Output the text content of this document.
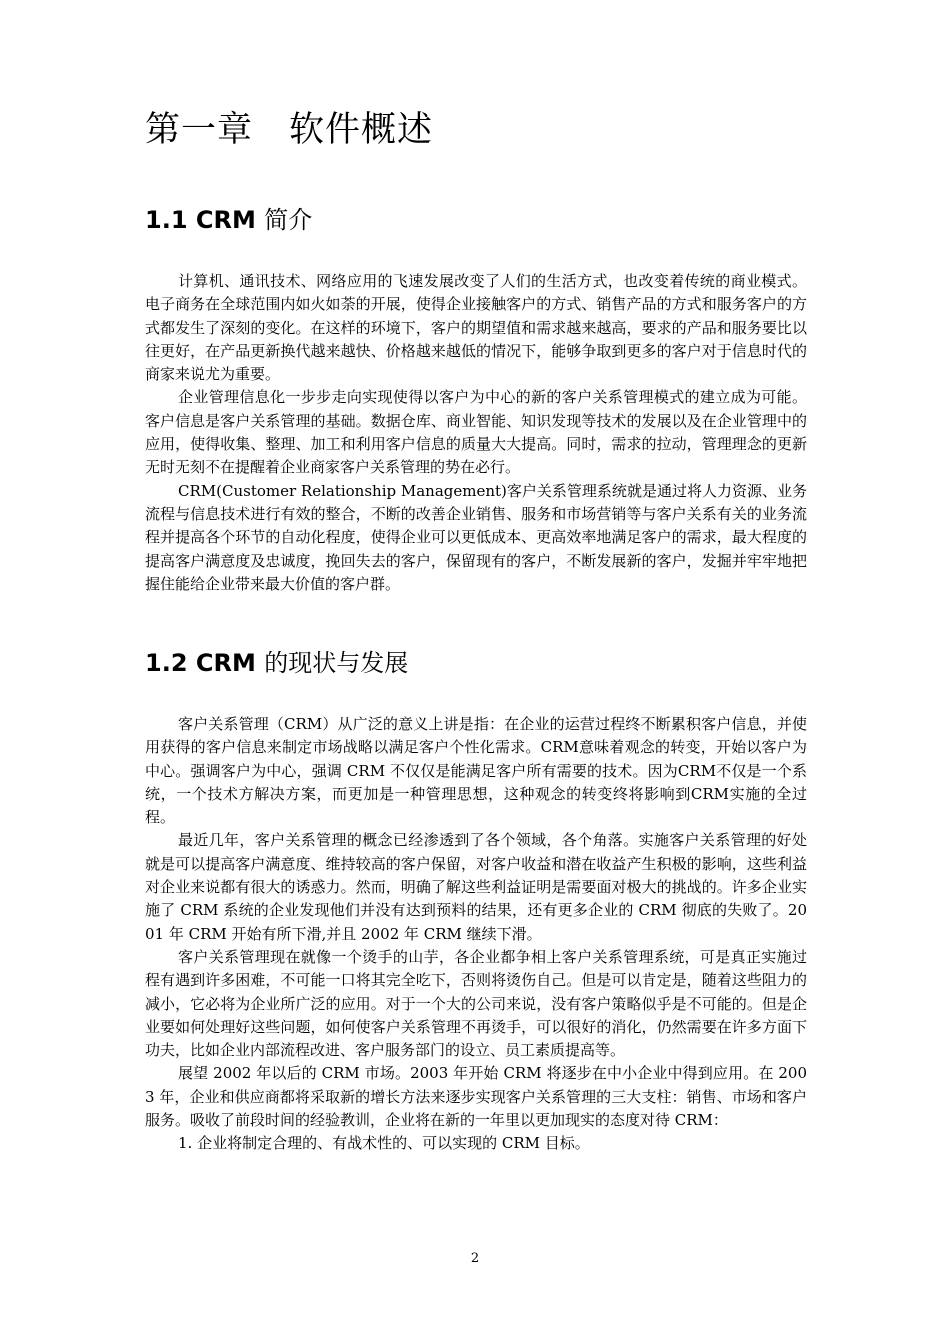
第一章 软件概述
1.1 CRM 简介

计算机、通讯技术、网络应用的飞速发展改变了人们的生活方式，也改变着传统的商业模式。电子商务在全球范围内如火如荼的开展，使得企业接触客户的方式、销售产品的方式和服务客户的方式都发生了深刻的变化。在这样的环境下，客户的期望值和需求越来越高，要求的产品和服务要比以往更好，在产品更新换代越来越快、价格越来越低的情况下，能够争取到更多的客户对于信息时代的商家来说尤为重要。

企业管理信息化一步步走向实现使得以客户为中心的新的客户关系管理模式的建立成为可能。客户信息是客户关系管理的基础。数据仓库、商业智能、知识发现等技术的发展以及在企业管理中的应用，使得收集、整理、加工和利用客户信息的质量大大提高。同时，需求的拉动，管理理念的更新无时无刻不在提醒着企业商家客户关系管理的势在必行。

CRM(Customer Relationship Management)客户关系管理系统就是通过将人力资源、业务流程与信息技术进行有效的整合，不断的改善企业销售、服务和市场营销等与客户关系有关的业务流程并提高各个环节的自动化程度，使得企业可以更低成本、更高效率地满足客户的需求，最大程度的提高客户满意度及忠诚度，挽回失去的客户，保留现有的客户，不断发展新的客户，发掘并牢牢地把握住能给企业带来最大价值的客户群。

1.2 CRM 的现状与发展

客户关系管理（CRM）从广泛的意义上讲是指：在企业的运营过程终不断累积客户信息，并使用获得的客户信息来制定市场战略以满足客户个性化需求。CRM意味着观念的转变，开始以客户为中心。强调客户为中心，强调 CRM 不仅仅是能满足客户所有需要的技术。因为CRM不仅是一个系统，一个技术方解决方案，而更加是一种管理思想，这种观念的转变终将影响到CRM实施的全过程。

最近几年，客户关系管理的概念已经渗透到了各个领域，各个角落。实施客户关系管理的好处就是可以提高客户满意度、维持较高的客户保留，对客户收益和潜在收益产生积极的影响，这些利益对企业来说都有很大的诱惑力。然而，明确了解这些利益证明是需要面对极大的挑战的。许多企业实施了 CRM 系统的企业发现他们并没有达到预料的结果，还有更多企业的 CRM 彻底的失败了。2001 年 CRM 开始有所下滑,并且 2002 年 CRM 继续下滑。

客户关系管理现在就像一个烫手的山芋，各企业都争相上客户关系管理系统，可是真正实施过程有遇到许多困难，不可能一口将其完全吃下，否则将烫伤自己。但是可以肯定是，随着这些阻力的减小，它必将为企业所广泛的应用。对于一个大的公司来说，没有客户策略似乎是不可能的。但是企业要如何处理好这些问题，如何使客户关系管理不再烫手，可以很好的消化，仍然需要在许多方面下功夫，比如企业内部流程改进、客户服务部门的设立、员工素质提高等。

展望 2002 年以后的 CRM 市场。2003 年开始 CRM 将逐步在中小企业中得到应用。在 2003 年，企业和供应商都将采取新的增长方法来逐步实现客户关系管理的三大支柱：销售、市场和客户服务。吸收了前段时间的经验教训，企业将在新的一年里以更加现实的态度对待 CRM：

1. 企业将制定合理的、有战术性的、可以实现的 CRM 目标。

2
